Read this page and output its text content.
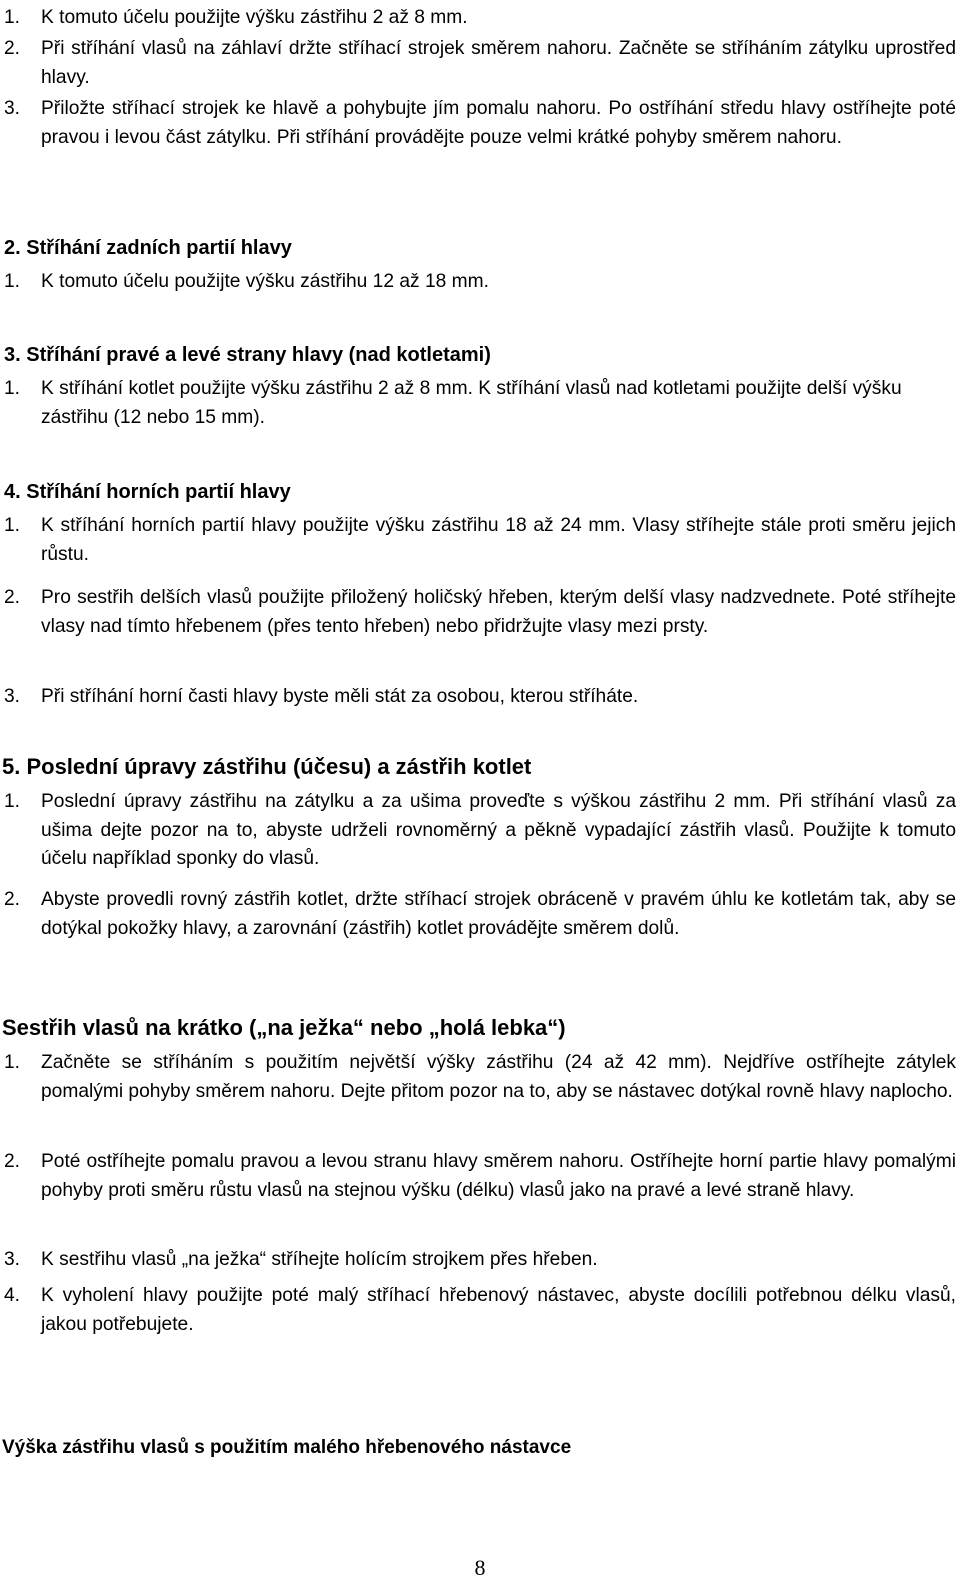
1.	K tomuto účelu použijte výšku zástřihu 2 až 8 mm.
2.	Při stříhání vlasů na záhlaví držte stříhací strojek směrem nahoru. Začněte se stříháním zátylku uprostřed hlavy.
3.	Přiložte stříhací strojek ke hlavě a pohybujte jím pomalu nahoru. Po ostříhání středu hlavy ostříhejte poté pravou i levou část zátylku. Při stříhání provádějte pouze velmi krátké pohyby směrem nahoru.
2. Stříhání zadních partií hlavy
1.	K tomuto účelu použijte výšku zástřihu 12 až 18 mm.
3. Stříhání pravé a levé strany hlavy (nad kotletami)
1.	K stříhání kotlet použijte výšku zástřihu 2 až 8 mm. K stříhání vlasů nad kotletami použijte delší výšku zástřihu (12 nebo 15 mm).
4. Stříhání horních partií hlavy
1.	K stříhání horních partií hlavy použijte výšku zástřihu 18 až 24 mm. Vlasy stříhejte stále proti směru jejich růstu.
2.	Pro sestřih delších vlasů použijte přiložený holičský hřeben, kterým delší vlasy nadzvednete. Poté stříhejte vlasy nad tímto hřebenem (přes tento hřeben) nebo přidržujte vlasy mezi prsty.
3.	Při stříhání horní časti hlavy byste měli stát za osobou, kterou stříháte.
5. Poslední úpravy zástřihu (účesu) a zástřih kotlet
1.	Poslední úpravy zástřihu na zátylku a za ušima proveďte s výškou zástřihu 2 mm. Při stříhání vlasů za ušima dejte pozor na to, abyste udrželi rovnoměrný a pěkně vypadající zástřih vlasů. Použijte k tomuto účelu například sponky do vlasů.
2.	Abyste provedli rovný zástřih kotlet, držte stříhací strojek obráceně v pravém úhlu ke kotletám tak, aby se dotýkal pokožky hlavy, a zarovnání (zástřih) kotlet provádějte směrem dolů.
Sestřih vlasů na krátko („na ježka“ nebo „holá lebka“)
1.	Začněte se stříháním s použitím největší výšky zástřihu (24 až 42 mm). Nejdříve ostříhejte zátylek pomalými pohyby směrem nahoru. Dejte přitom pozor na to, aby se nástavec dotýkal rovně hlavy naplocho.
2.	Poté ostříhejte pomalu pravou a levou stranu hlavy směrem nahoru. Ostříhejte horní partie hlavy pomalými pohyby proti směru růstu vlasů na stejnou výšku (délku) vlasů jako na pravé a levé straně hlavy.
3.	K sestřihu vlasů „na ježka“ stříhejte holícím strojkem přes hřeben.
4.	K vyholení hlavy použijte poté malý stříhací hřebenový nástavec, abyste docílili potřebnou délku vlasů, jakou potřebujete.
Výška zástřihu vlasů s použitím malého hřebenového nástavce
8
